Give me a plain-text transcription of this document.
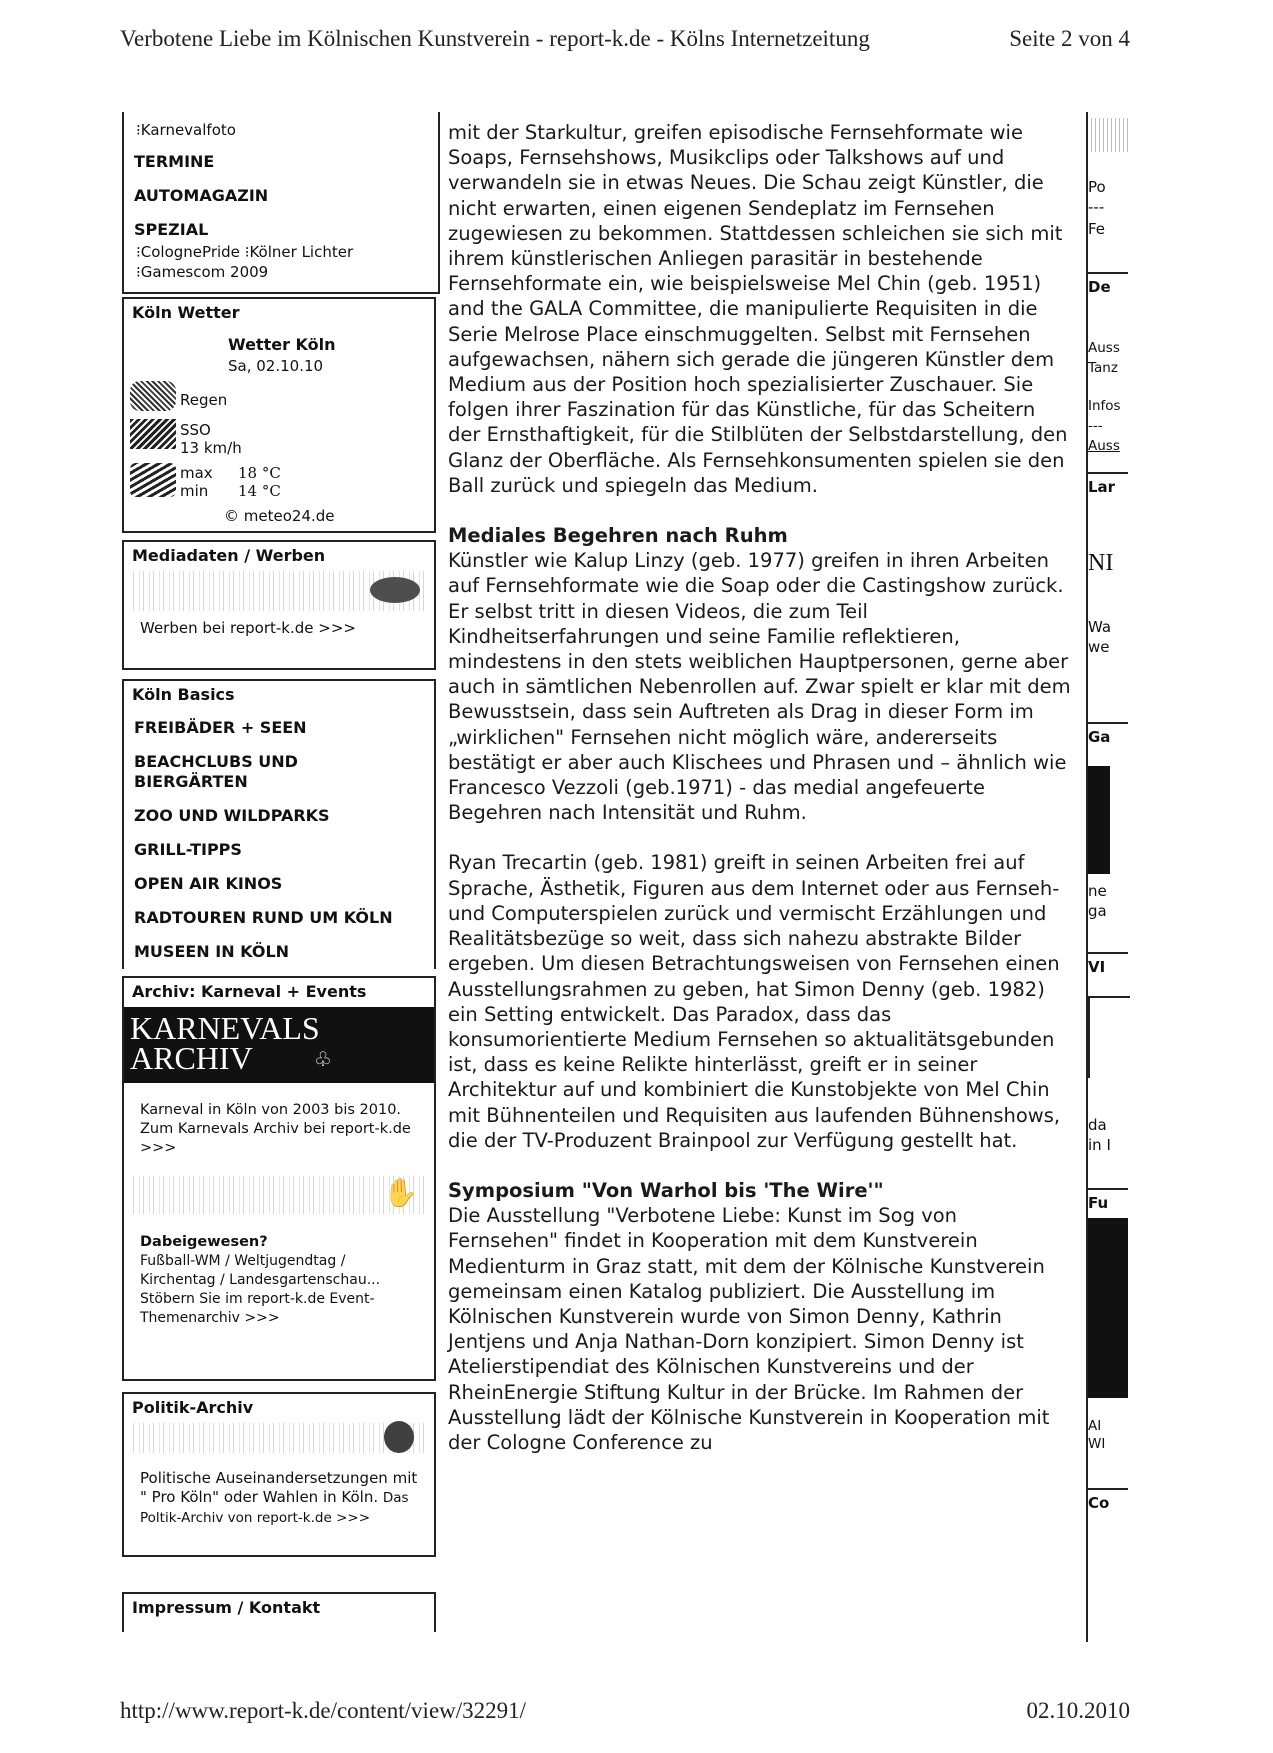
Verbotene Liebe im Kölnischen Kunstverein - report-k.de - Kölns Internetzeitung	Seite 2 von 4
⁝Karnevalfoto
TERMINE
AUTOMAGAZIN
SPEZIAL
⁝ColognePride ⁝Kölner Lichter
⁝Gamescom 2009
Köln Wetter
Wetter Köln
Sa, 02.10.10
Regen
SSO
13 km/h
max 18 °C
min 14 °C
© meteo24.de
Mediadaten / Werben
Werben bei report-k.de >>>
Köln Basics
FREIBÄDER + SEEN
BEACHCLUBS UND BIERGÄRTEN
ZOO UND WILDPARKS
GRILL-TIPPS
OPEN AIR KINOS
RADTOUREN RUND UM KÖLN
MUSEEN IN KÖLN
Archiv: Karneval + Events
KARNEVALS
ARCHIV	♧
Karneval in Köln von 2003 bis 2010. Zum Karnevals Archiv bei report-k.de >>>
✋
Dabeigewesen?
Fußball-WM / Weltjugendtag / Kirchentag / Landesgartenschau... Stöbern Sie im report-k.de Event-Themenarchiv >>>
Politik-Archiv
Politische Auseinandersetzungen mit " Pro Köln" oder Wahlen in Köln. Das Poltik-Archiv von report-k.de >>>
Impressum / Kontakt

mit der Starkultur, greifen episodische Fernsehformate wie Soaps, Fernsehshows, Musikclips oder Talkshows auf und verwandeln sie in etwas Neues. Die Schau zeigt Künstler, die nicht erwarten, einen eigenen Sendeplatz im Fernsehen zugewiesen zu bekommen. Stattdessen schleichen sie sich mit ihrem künstlerischen Anliegen parasitär in bestehende Fernsehformate ein, wie beispielsweise Mel Chin (geb. 1951) and the GALA Committee, die manipulierte Requisiten in die Serie Melrose Place einschmuggelten. Selbst mit Fernsehen aufgewachsen, nähern sich gerade die jüngeren Künstler dem Medium aus der Position hoch spezialisierter Zuschauer. Sie folgen ihrer Faszination für das Künstliche, für das Scheitern der Ernsthaftigkeit, für die Stilblüten der Selbstdarstellung, den Glanz der Oberfläche. Als Fernsehkonsumenten spielen sie den Ball zurück und spiegeln das Medium.

Mediales Begehren nach Ruhm

Künstler wie Kalup Linzy (geb. 1977) greifen in ihren Arbeiten auf Fernsehformate wie die Soap oder die Castingshow zurück. Er selbst tritt in diesen Videos, die zum Teil Kindheitserfahrungen und seine Familie reflektieren, mindestens in den stets weiblichen Hauptpersonen, gerne aber auch in sämtlichen Nebenrollen auf. Zwar spielt er klar mit dem Bewusstsein, dass sein Auftreten als Drag in dieser Form im „wirklichen" Fernsehen nicht möglich wäre, andererseits bestätigt er aber auch Klischees und Phrasen und – ähnlich wie Francesco Vezzoli (geb.1971) - das medial angefeuerte Begehren nach Intensität und Ruhm.

Ryan Trecartin (geb. 1981) greift in seinen Arbeiten frei auf Sprache, Ästhetik, Figuren aus dem Internet oder aus Fernseh- und Computerspielen zurück und vermischt Erzählungen und Realitätsbezüge so weit, dass sich nahezu abstrakte Bilder ergeben. Um diesen Betrachtungsweisen von Fernsehen einen Ausstellungsrahmen zu geben, hat Simon Denny (geb. 1982) ein Setting entwickelt. Das Paradox, dass das konsumorientierte Medium Fernsehen so aktualitätsgebunden ist, dass es keine Relikte hinterlässt, greift er in seiner Architektur auf und kombiniert die Kunstobjekte von Mel Chin mit Bühnenteilen und Requisiten aus laufenden Bühnenshows, die der TV-Produzent Brainpool zur Verfügung gestellt hat.

Symposium "Von Warhol bis 'The Wire'"

Die Ausstellung "Verbotene Liebe: Kunst im Sog von Fernsehen" findet in Kooperation mit dem Kunstverein Medienturm in Graz statt, mit dem der Kölnische Kunstverein gemeinsam einen Katalog publiziert. Die Ausstellung im Kölnischen Kunstverein wurde von Simon Denny, Kathrin Jentjens und Anja Nathan-Dorn konzipiert. Simon Denny ist Atelierstipendiat des Kölnischen Kunstvereins und der RheinEnergie Stiftung Kultur in der Brücke. Im Rahmen der Ausstellung lädt der Kölnische Kunstverein in Kooperation mit der Cologne Conference zu

Po
---
Fe
De
Auss
Tanz
Infos
---
Auss
Lar
NI
Wa
we
Ga
ne
ga
VI
da
in I
Fu
AI
WI
Co
http://www.report-k.de/content/view/32291/	02.10.2010
